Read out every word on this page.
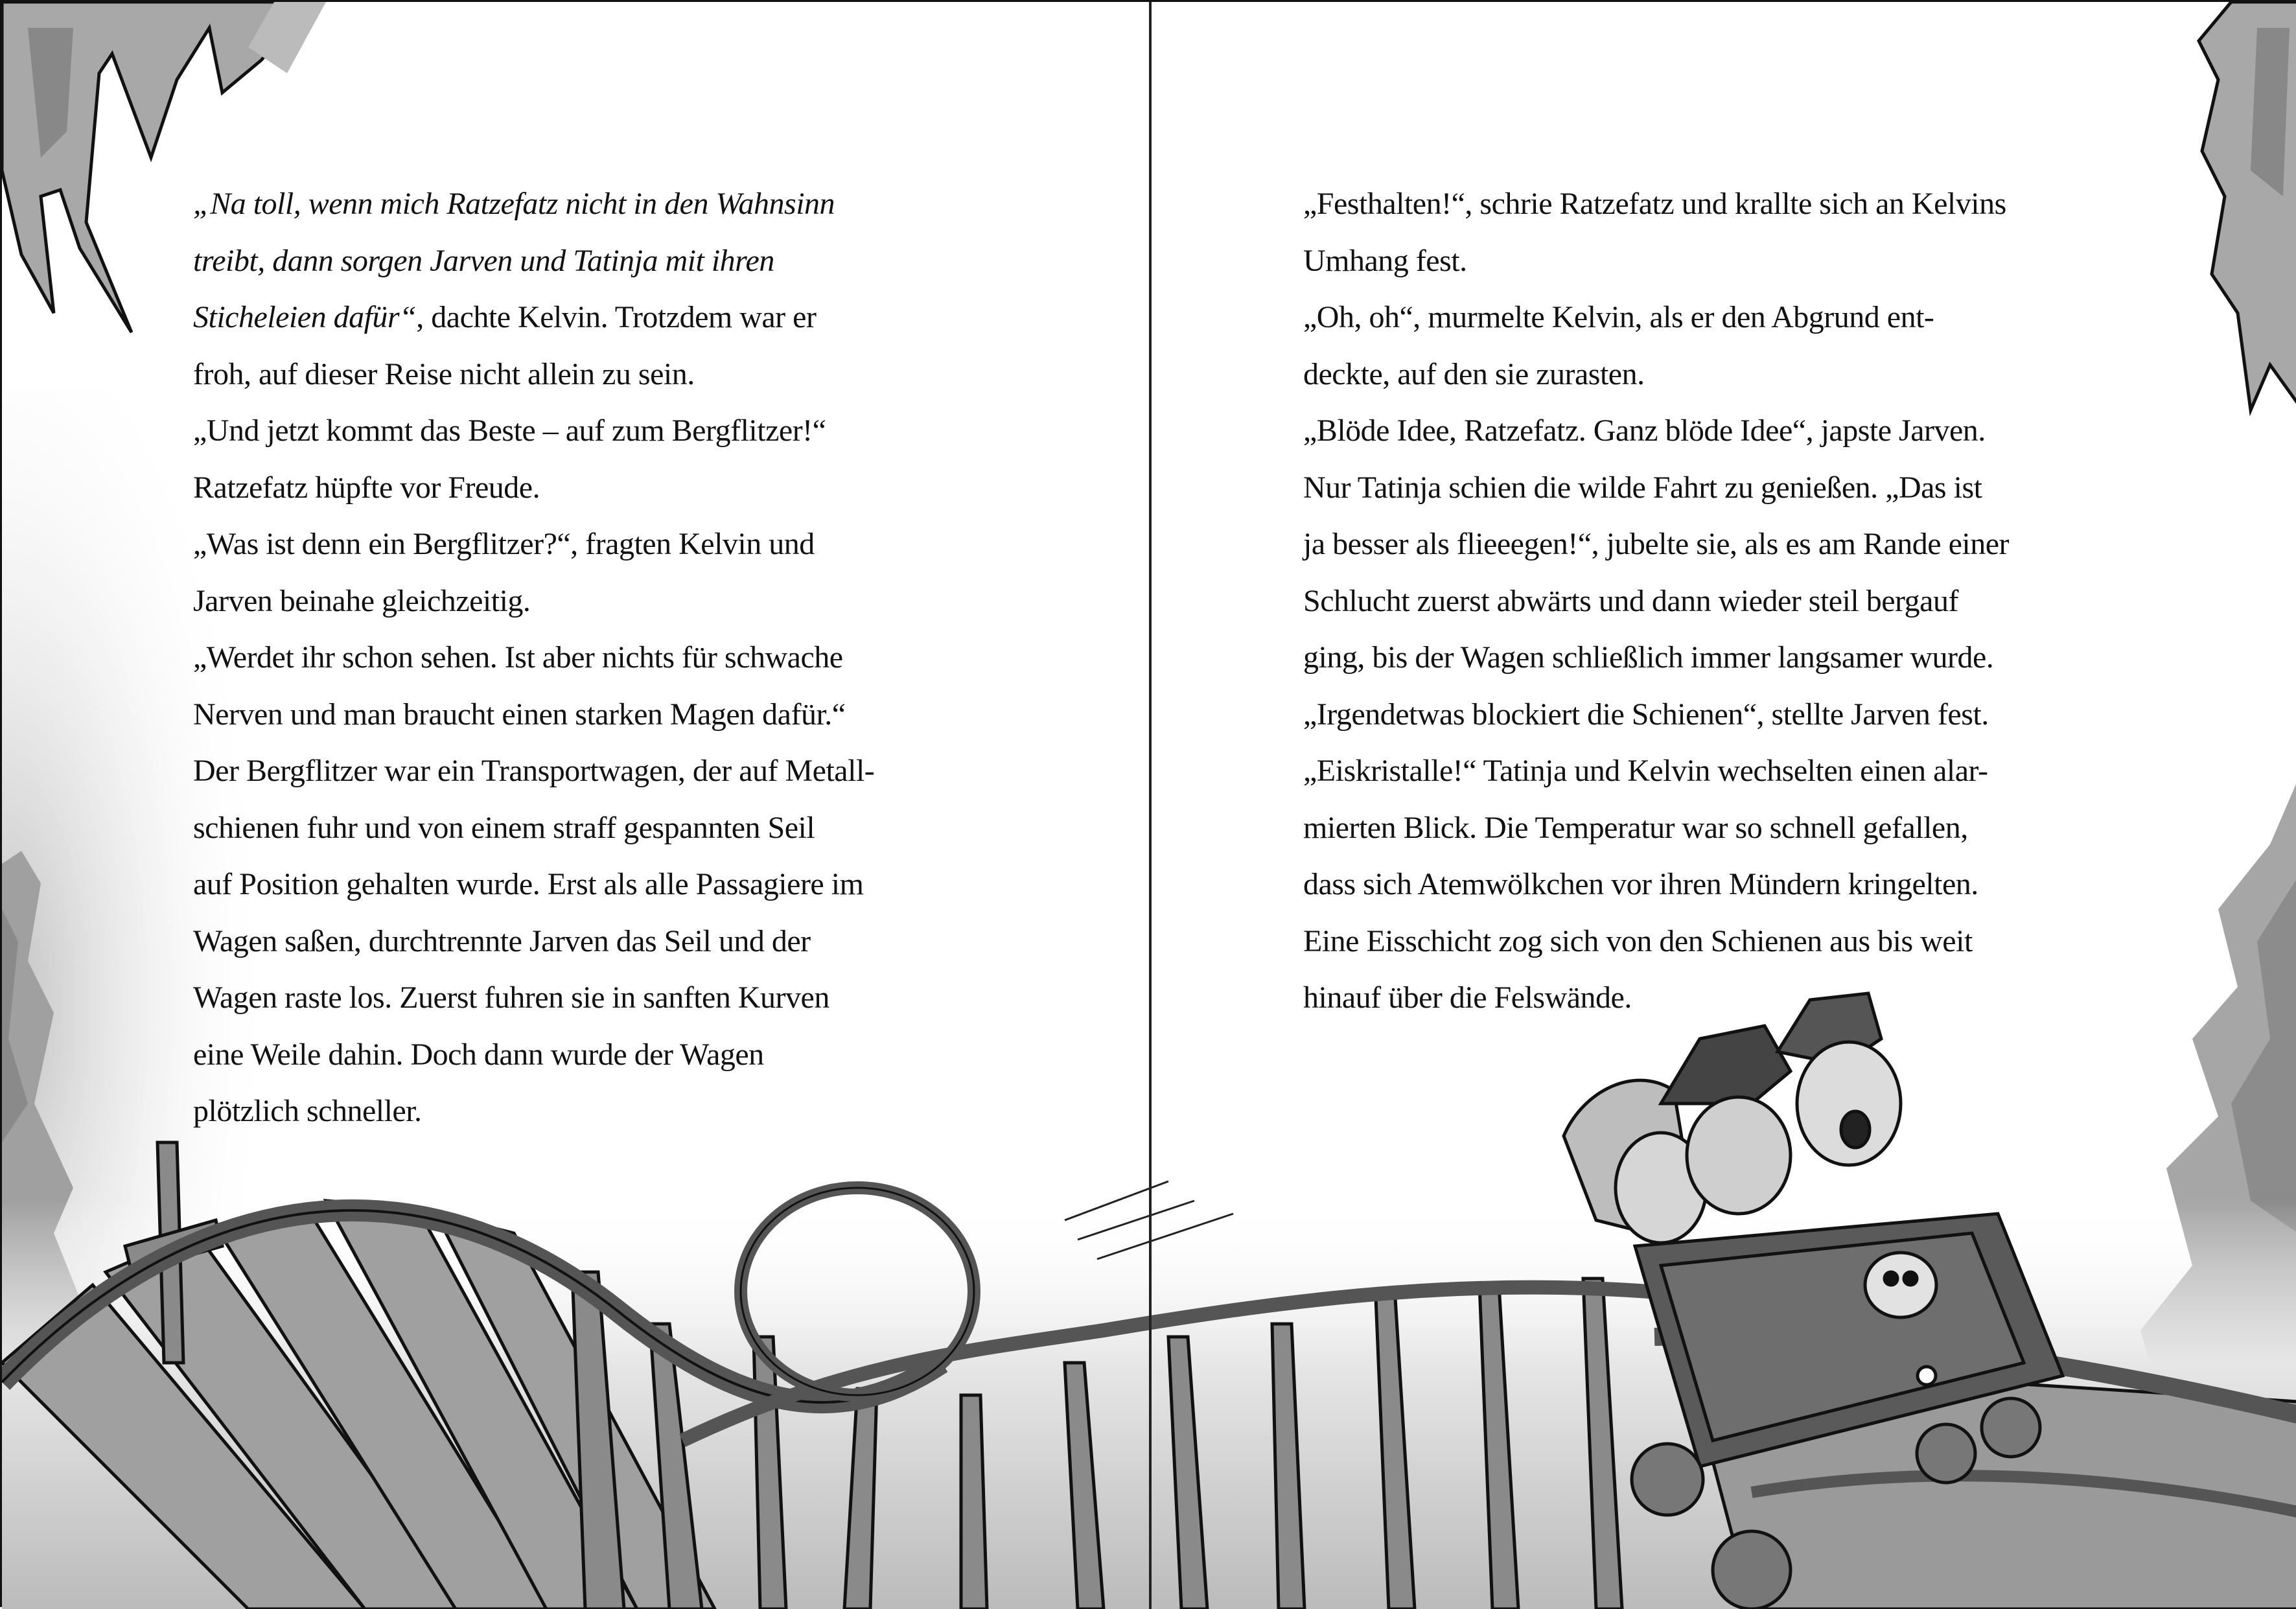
„Na toll, wenn mich Ratzefatz nicht in den Wahnsinn
treibt, dann sorgen Jarven und Tatinja mit ihren
Sticheleien dafür“, dachte Kelvin. Trotzdem war er
froh, auf dieser Reise nicht allein zu sein.
„Und jetzt kommt das Beste – auf zum Bergflitzer!“
Ratzefatz hüpfte vor Freude.
„Was ist denn ein Bergflitzer?“, fragten Kelvin und
Jarven beinahe gleichzeitig.
„Werdet ihr schon sehen. Ist aber nichts für schwache
Nerven und man braucht einen starken Magen dafür.“
Der Bergflitzer war ein Transportwagen, der auf Metall-
schienen fuhr und von einem straff gespannten Seil
auf Position gehalten wurde. Erst als alle Passagiere im
Wagen saßen, durchtrennte Jarven das Seil und der
Wagen raste los. Zuerst fuhren sie in sanften Kurven
eine Weile dahin. Doch dann wurde der Wagen
plötzlich schneller.
„Festhalten!“, schrie Ratzefatz und krallte sich an Kelvins
Umhang fest.
„Oh, oh“, murmelte Kelvin, als er den Abgrund ent-
deckte, auf den sie zurasten.
„Blöde Idee, Ratzefatz. Ganz blöde Idee“, japste Jarven.
Nur Tatinja schien die wilde Fahrt zu genießen. „Das ist
ja besser als flieeegen!“, jubelte sie, als es am Rande einer
Schlucht zuerst abwärts und dann wieder steil bergauf
ging, bis der Wagen schließlich immer langsamer wurde.
„Irgendetwas blockiert die Schienen“, stellte Jarven fest.
„Eiskristalle!“ Tatinja und Kelvin wechselten einen alar-
mierten Blick. Die Temperatur war so schnell gefallen,
dass sich Atemwölkchen vor ihren Mündern kringelten.
Eine Eisschicht zog sich von den Schienen aus bis weit
hinauf über die Felswände.
